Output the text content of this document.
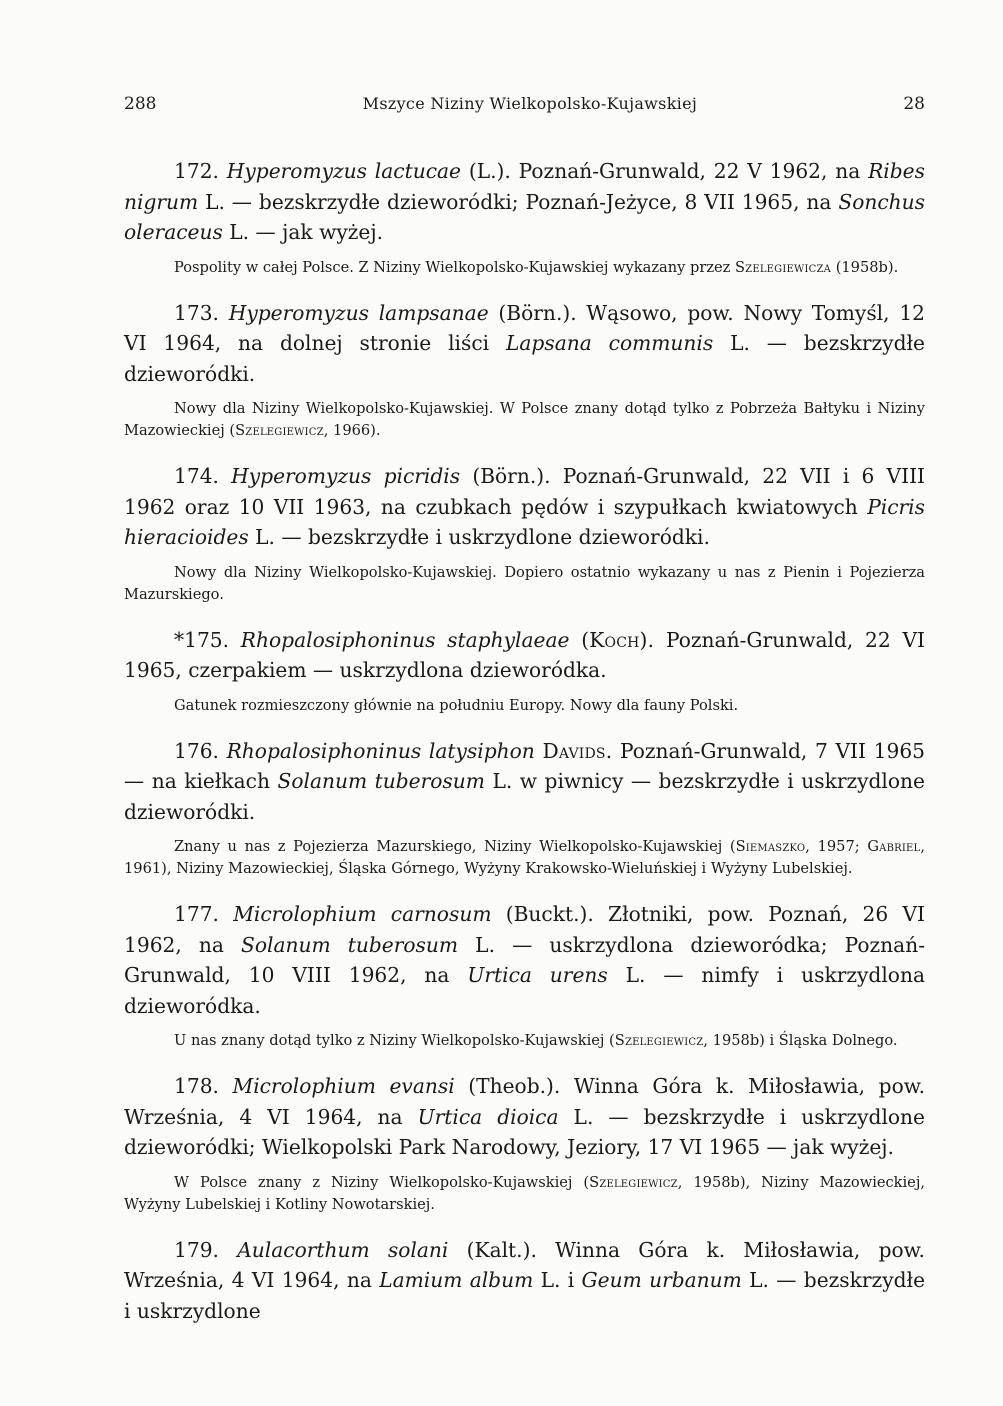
288	Mszyce Niziny Wielkopolsko-Kujawskiej	28

172. Hyperomyzus lactucae (L.). Poznań-Grunwald, 22 V 1962, na Ribes nigrum L. — bezskrzydłe dzieworódki; Poznań-Jeżyce, 8 VII 1965, na Sonchus oleraceus L. — jak wyżej.

Pospolity w całej Polsce. Z Niziny Wielkopolsko-Kujawskiej wykazany przez Szelegiewicza (1958b).

173. Hyperomyzus lampsanae (Börn.). Wąsowo, pow. Nowy Tomyśl, 12 VI 1964, na dolnej stronie liści Lapsana communis L. — bezskrzydłe dzieworódki.

Nowy dla Niziny Wielkopolsko-Kujawskiej. W Polsce znany dotąd tylko z Pobrzeża Bałtyku i Niziny Mazowieckiej (Szelegiewicz, 1966).

174. Hyperomyzus picridis (Börn.). Poznań-Grunwald, 22 VII i 6 VIII 1962 oraz 10 VII 1963, na czubkach pędów i szypułkach kwiatowych Picris hieracioides L. — bezskrzydłe i uskrzydlone dzieworódki.

Nowy dla Niziny Wielkopolsko-Kujawskiej. Dopiero ostatnio wykazany u nas z Pienin i Pojezierza Mazurskiego.

*175. Rhopalosiphoninus staphylaeae (Koch). Poznań-Grunwald, 22 VI 1965, czerpakiem — uskrzydlona dzieworódka.

Gatunek rozmieszczony głównie na południu Europy. Nowy dla fauny Polski.

176. Rhopalosiphoninus latysiphon Davids. Poznań-Grunwald, 7 VII 1965 — na kiełkach Solanum tuberosum L. w piwnicy — bezskrzydłe i uskrzydlone dzieworódki.

Znany u nas z Pojezierza Mazurskiego, Niziny Wielkopolsko-Kujawskiej (Siemaszko, 1957; Gabriel, 1961), Niziny Mazowieckiej, Śląska Górnego, Wyżyny Krakowsko-Wieluńskiej i Wyżyny Lubelskiej.

177. Microlophium carnosum (Buckt.). Złotniki, pow. Poznań, 26 VI 1962, na Solanum tuberosum L. — uskrzydlona dzieworódka; Poznań-Grunwald, 10 VIII 1962, na Urtica urens L. — nimfy i uskrzydlona dzieworódka.

U nas znany dotąd tylko z Niziny Wielkopolsko-Kujawskiej (Szelegiewicz, 1958b) i Śląska Dolnego.

178. Microlophium evansi (Theob.). Winna Góra k. Miłosławia, pow. Września, 4 VI 1964, na Urtica dioica L. — bezskrzydłe i uskrzydlone dzieworódki; Wielkopolski Park Narodowy, Jeziory, 17 VI 1965 — jak wyżej.

W Polsce znany z Niziny Wielkopolsko-Kujawskiej (Szelegiewicz, 1958b), Niziny Mazowieckiej, Wyżyny Lubelskiej i Kotliny Nowotarskiej.

179. Aulacorthum solani (Kalt.). Winna Góra k. Miłosławia, pow. Września, 4 VI 1964, na Lamium album L. i Geum urbanum L. — bezskrzydłe i uskrzydlone
